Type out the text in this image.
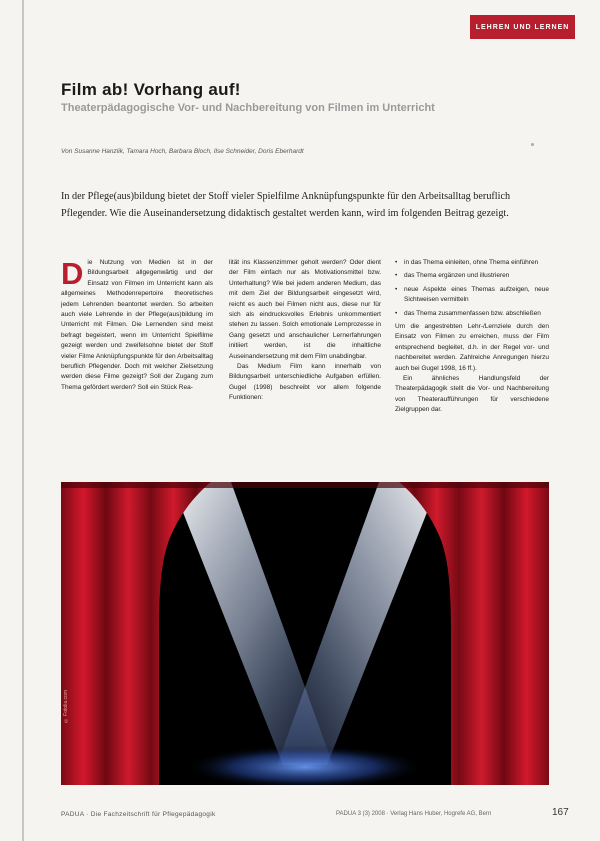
LEHREN UND LERNEN
Film ab! Vorhang auf!
Theaterpädagogische Vor- und Nachbereitung von Filmen im Unterricht
Von Susanne Hanzlik, Tamara Hoch, Barbara Bloch, Ilse Schneider, Doris Eberhardt
In der Pflege(aus)bildung bietet der Stoff vieler Spielfilme Anknüpfungspunkte für den Arbeitsalltag beruflich Pflegender. Wie die Auseinandersetzung didaktisch gestaltet werden kann, wird im folgenden Beitrag gezeigt.
D ie Nutzung von Medien ist in der Bildungsarbeit allgegenwärtig und der Einsatz von Filmen im Unterricht kann als allgemeines Methodenrepertoire theoretisches jedem Lehrenden beantortet werden. So arbeiten auch viele Lehrende in der Pflege(aus)bildung im Unterricht mit Filmen. Die Lernenden sind meist befragt begeistert, wenn im Unterricht Spielfilme gezeigt werden und zweifelsohne bietet der Stoff vieler Filme Anknüpfungspunkte für den Arbeitsalltag beruflich Pflegender. Doch mit welcher Zielsetzung werden diese Filme gezeigt? Soll der Zugang zum Thema gefördert werden? Soll ein Stück Rea-

lität ins Klassenzimmer geholt werden? Oder dient der Film einfach nur als Motivationsmittel bzw. Unterhaltung? Wie bei jedem anderen Medium, das mit dem Ziel der Bildungsarbeit eingesetzt wird, reicht es auch bei Filmen nicht aus, diese nur für sich als eindrucksvolles Erlebnis unkommentiert stehen zu lassen. Solch emotionale Lernprozesse in Gang gesetzt und anschaulicher Lernerfahrungen initiiert werden, ist die inhaltliche Auseinandersetzung mit dem Film unabdingbar.

Das Medium Film kann innerhalb von Bildungsarbeit unterschiedliche Aufgaben erfüllen. Gugel (1998) beschreibt vor allem folgende Funktionen:

• in das Thema einleiten, ohne Thema einführen
• das Thema ergänzen und illustrieren
• neue Aspekte eines Themas aufzeigen, neue Sichtweisen vermitteln
• das Thema zusammenfassen bzw. abschließen

Um die angestrebten Lehr-/Lernziele durch den Einsatz von Filmen zu erreichen, muss der Film entsprechend begleitet, d.h. in der Regel vor- und nachbereitet werden. Zahlreiche Anregungen hierzu auch bei Gugel 1998, 16 ff.).

Ein ähnliches Handlungsfeld der Theaterpädagogik stellt die Vor- und Nachbereitung von Theateraufführungen für verschiedene Zielgruppen dar.

© Fotolia.com
PADUA · Die Fachzeitschrift für Pflegepädagogik	PADUA 3 (3) 2008 · Verlag Hans Huber, Hogrefe AG, Bern	167
